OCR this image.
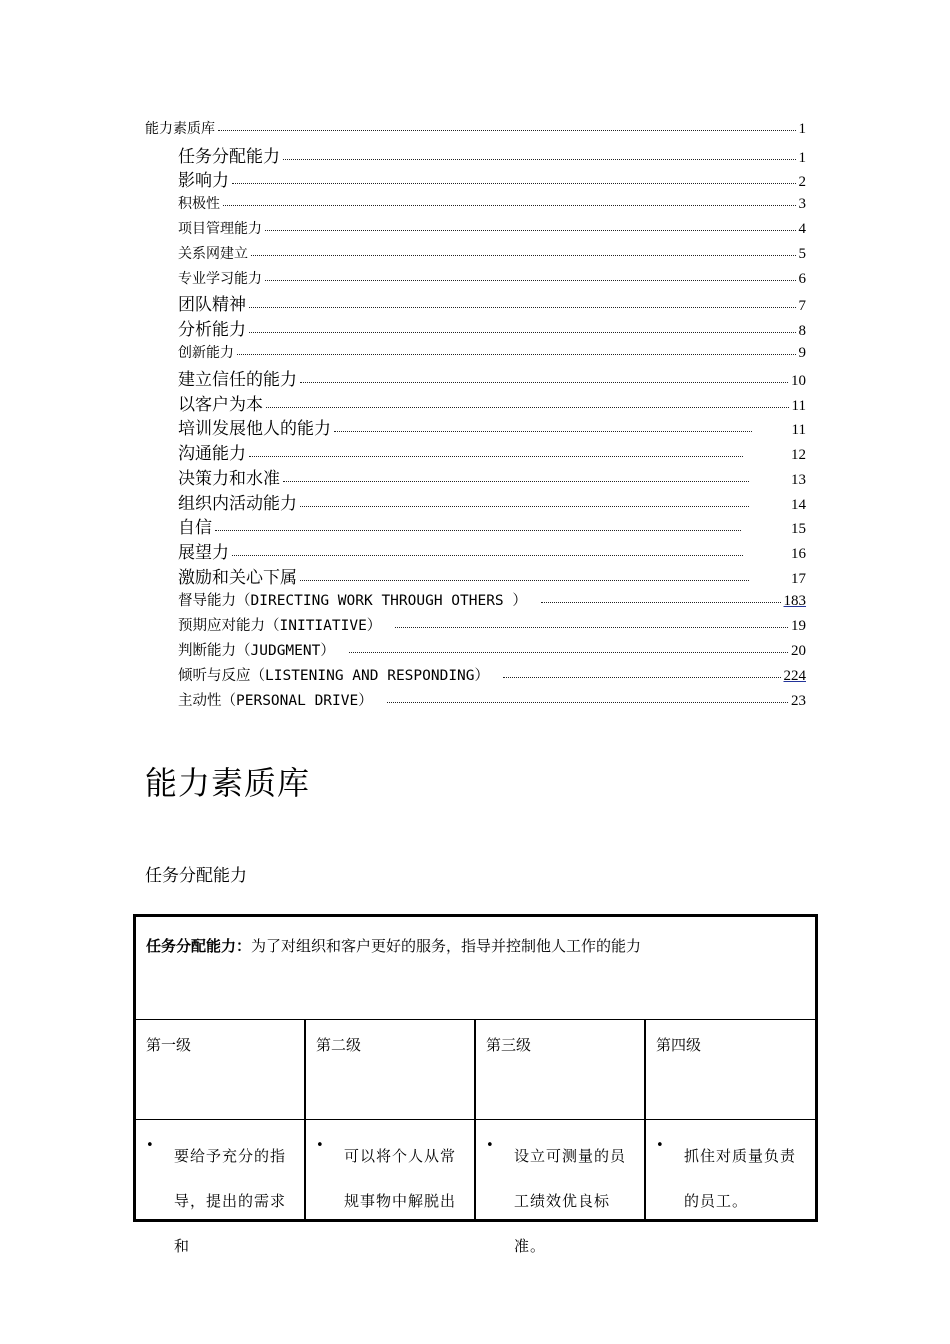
能力素质库	1
任务分配能力	1
影响力	2
积极性	3
项目管理能力	4
关系网建立	5
专业学习能力	6
团队精神	7
分析能力	8
创新能力	9
建立信任的能力	10
以客户为本	11
培训发展他人的能力	11
沟通能力	12
决策力和水准	13
组织内活动能力	14
自信	15
展望力	16
激励和关心下属	17
督导能力（DIRECTING WORK THROUGH OTHERS ）	183
预期应对能力（INITIATIVE）	19
判断能力（JUDGMENT）	20
倾听与反应（LISTENING AND RESPONDING）	224
主动性（PERSONAL DRIVE）	23
能力素质库
任务分配能力
任务分配能力：为了对组织和客户更好的服务，指导并控制他人工作的能力
第一级	第二级	第三级	第四级
•
要给予充分的指导，提出的需求和
•
可以将个人从常规事物中解脱出
•
设立可测量的员工绩效优良标准。
•
抓住对质量负责的员工。
